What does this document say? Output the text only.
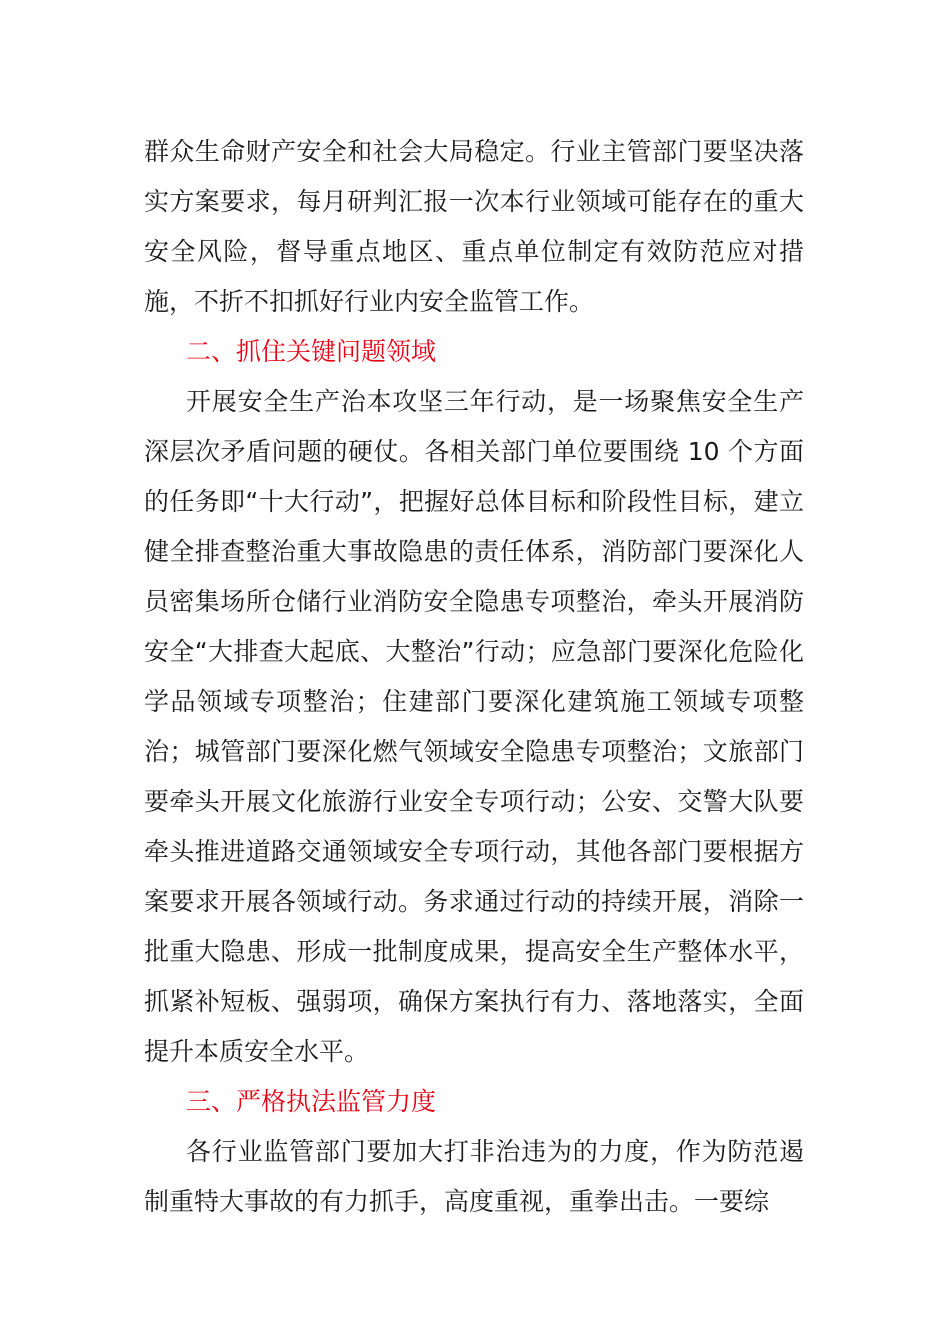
群众生命财产安全和社会大局稳定。行业主管部门要坚决落实方案要求，每月研判汇报一次本行业领域可能存在的重大安全风险，督导重点地区、重点单位制定有效防范应对措施，不折不扣抓好行业内安全监管工作。

二、抓住关键问题领域

开展安全生产治本攻坚三年行动，是一场聚焦安全生产深层次矛盾问题的硬仗。各相关部门单位要围绕 10 个方面的任务即“十大行动”，把握好总体目标和阶段性目标，建立健全排查整治重大事故隐患的责任体系，消防部门要深化人员密集场所仓储行业消防安全隐患专项整治，牵头开展消防安全“大排查大起底、大整治”行动；应急部门要深化危险化学品领域专项整治；住建部门要深化建筑施工领域专项整治；城管部门要深化燃气领域安全隐患专项整治；文旅部门要牵头开展文化旅游行业安全专项行动；公安、交警大队要牵头推进道路交通领域安全专项行动，其他各部门要根据方案要求开展各领域行动。务求通过行动的持续开展，消除一批重大隐患、形成一批制度成果，提高安全生产整体水平，抓紧补短板、强弱项，确保方案执行有力、落地落实，全面提升本质安全水平。

三、严格执法监管力度

各行业监管部门要加大打非治违为的力度，作为防范遏制重特大事故的有力抓手，高度重视，重拳出击。一要综
